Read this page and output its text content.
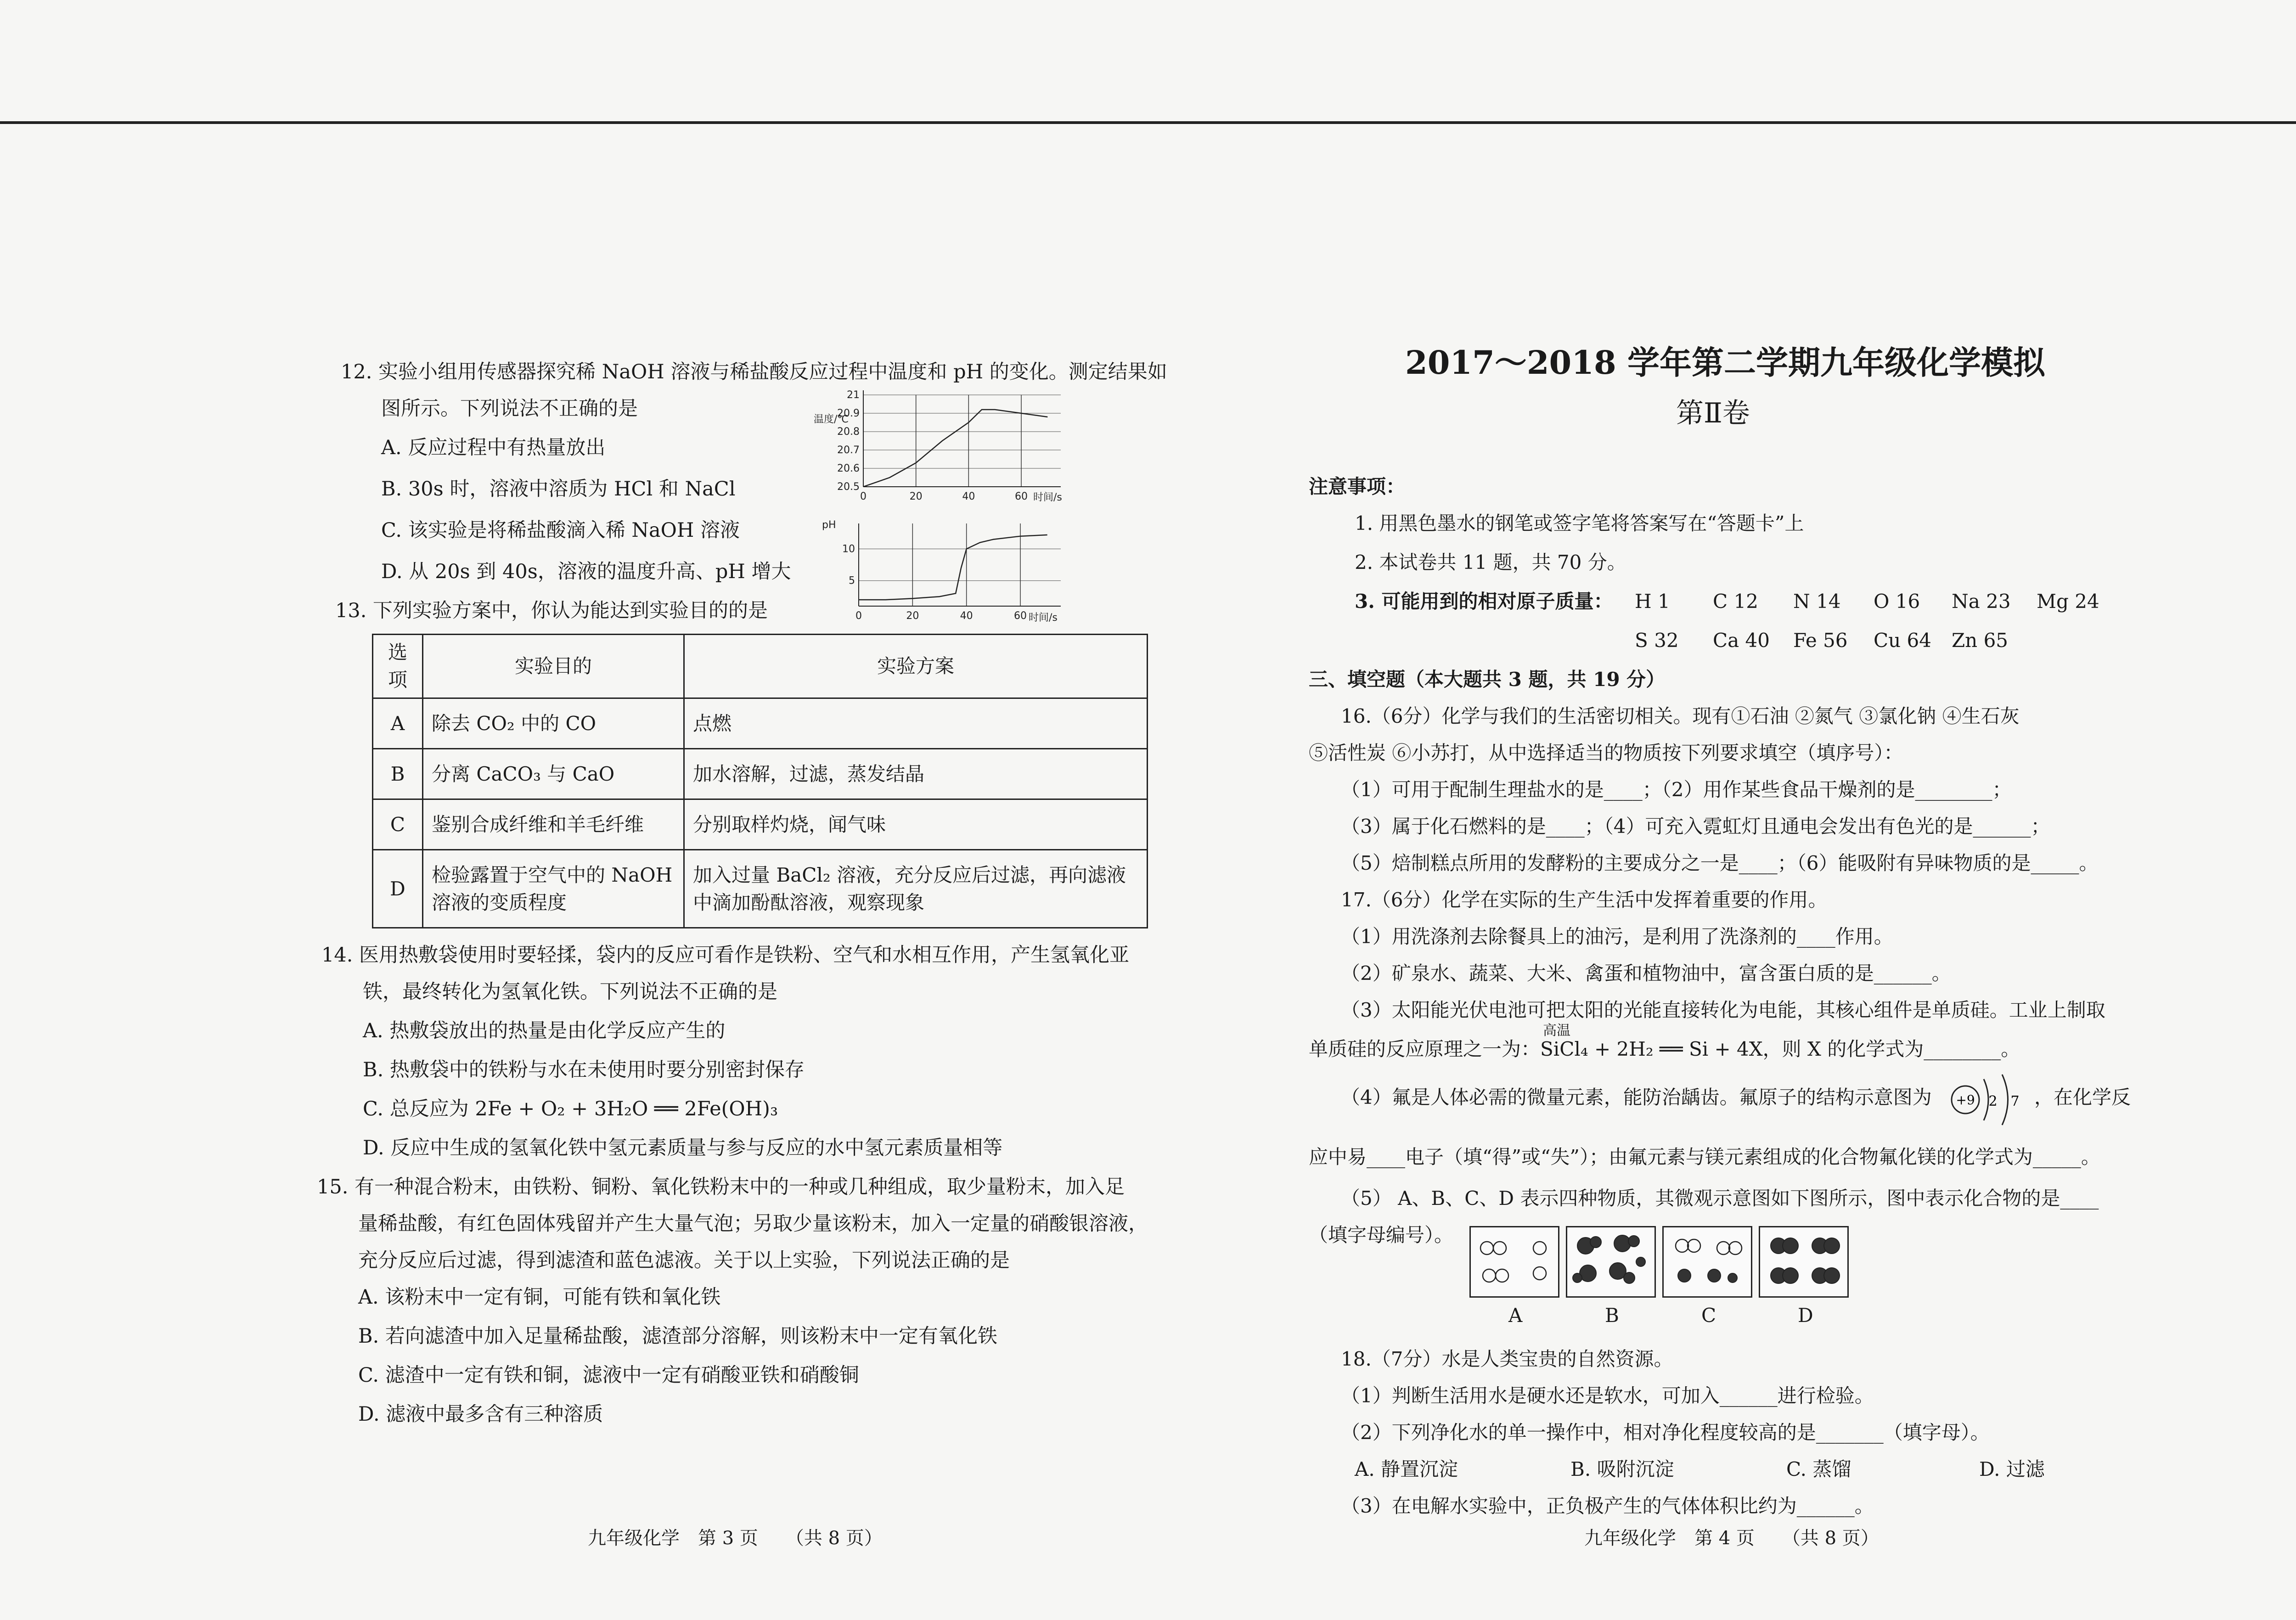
12. 实验小组用传感器探究稀 NaOH 溶液与稀盐酸反应过程中温度和 pH 的变化。测定结果如
图所示。下列说法不正确的是
A. 反应过程中有热量放出
B. 30s 时，溶液中溶质为 HCl 和 NaCl
C. 该实验是将稀盐酸滴入稀 NaOH 溶液
D. 从 20s 到 40s，溶液的温度升高、pH 增大
温度/℃
20.5
20.6
20.7
20.8
20.9
21
0	20	40	60 时间/s
pH
5
10
0	20	40	60 时间/s
13. 下列实验方案中，你认为能达到实验目的的是
选项	实验目的	实验方案
A	除去 CO₂ 中的 CO	点燃
B	分离 CaCO₃ 与 CaO	加水溶解，过滤，蒸发结晶
C	鉴别合成纤维和羊毛纤维	分别取样灼烧，闻气味
D	检验露置于空气中的 NaOH 溶液的变质程度	加入过量 BaCl₂ 溶液，充分反应后过滤，再向滤液中滴加酚酞溶液，观察现象
14. 医用热敷袋使用时要轻揉，袋内的反应可看作是铁粉、空气和水相互作用，产生氢氧化亚
铁，最终转化为氢氧化铁。下列说法不正确的是
A. 热敷袋放出的热量是由化学反应产生的
B. 热敷袋中的铁粉与水在未使用时要分别密封保存
C. 总反应为 2Fe + O₂ + 3H₂O ══ 2Fe(OH)₃
D. 反应中生成的氢氧化铁中氢元素质量与参与反应的水中氢元素质量相等
15. 有一种混合粉末，由铁粉、铜粉、氧化铁粉末中的一种或几种组成，取少量粉末，加入足
量稀盐酸，有红色固体残留并产生大量气泡；另取少量该粉末，加入一定量的硝酸银溶液，
充分反应后过滤，得到滤渣和蓝色滤液。关于以上实验，下列说法正确的是
A. 该粉末中一定有铜，可能有铁和氧化铁
B. 若向滤渣中加入足量稀盐酸，滤渣部分溶解，则该粉末中一定有氧化铁
C. 滤渣中一定有铁和铜，滤液中一定有硝酸亚铁和硝酸铜
D. 滤液中最多含有三种溶质
九年级化学　第 3 页　　（共 8 页）
2017～2018 学年第二学期九年级化学模拟
第Ⅱ卷
注意事项：
1. 用黑色墨水的钢笔或签字笔将答案写在“答题卡”上
2. 本试卷共 11 题，共 70 分。
3. 可能用到的相对原子质量： H 1 C 12 N 14 O 16 Na 23 Mg 24
S 32 Ca 40 Fe 56 Cu 64 Zn 65
三、填空题（本大题共 3 题，共 19 分）
16.（6分）化学与我们的生活密切相关。现有①石油 ②氮气 ③氯化钠 ④生石灰
⑤活性炭 ⑥小苏打，从中选择适当的物质按下列要求填空（填序号）：
（1）可用于配制生理盐水的是____；（2）用作某些食品干燥剂的是________；
（3）属于化石燃料的是____；（4）可充入霓虹灯且通电会发出有色光的是______；
（5）焙制糕点所用的发酵粉的主要成分之一是____；（6）能吸附有异味物质的是_____。
17.（6分）化学在实际的生产生活中发挥着重要的作用。
（1）用洗涤剂去除餐具上的油污，是利用了洗涤剂的____作用。
（2）矿泉水、蔬菜、大米、禽蛋和植物油中，富含蛋白质的是______。
（3）太阳能光伏电池可把太阳的光能直接转化为电能，其核心组件是单质硅。工业上制取
高温
单质硅的反应原理之一为：SiCl₄ + 2H₂ ══ Si + 4X，则 X 的化学式为________。
（4）氟是人体必需的微量元素，能防治龋齿。氟原子的结构示意图为 +9 2 7 ，在化学反
应中易____电子（填“得”或“失”）；由氟元素与镁元素组成的化合物氟化镁的化学式为_____。
（5） A、B、C、D 表示四种物质，其微观示意图如下图所示，图中表示化合物的是____
（填字母编号）。
A	B	C	D
18.（7分）水是人类宝贵的自然资源。
（1）判断生活用水是硬水还是软水，可加入______进行检验。
（2）下列净化水的单一操作中，相对净化程度较高的是_______（填字母）。
A. 静置沉淀	B. 吸附沉淀	C. 蒸馏	D. 过滤
（3）在电解水实验中，正负极产生的气体体积比约为______。
九年级化学　第 4 页　　（共 8 页）
